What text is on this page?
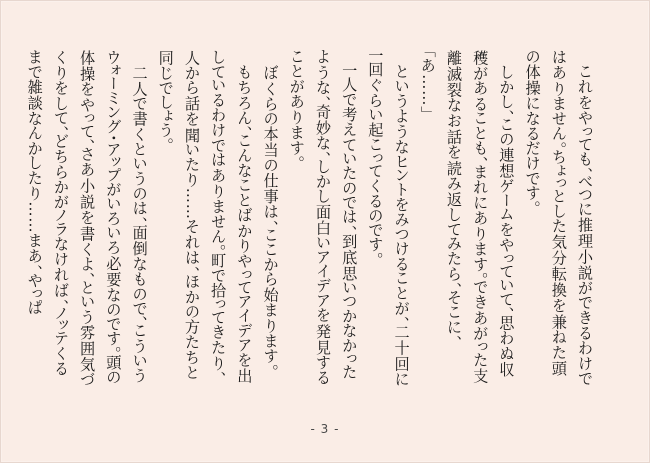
これをやっても、べつに推理小説ができるわけではありません。ちょっとした気分転換を兼ねた頭の体操になるだけです。

しかし、この連想ゲームをやっていて、思わぬ収穫があることも、まれにあります。できあがった支離滅裂なお話を読み返してみたら、そこに、

「あ……」

というようなヒントをみつけることが、二十回に一回ぐらい起こってくるのです。

一人で考えていたのでは、到底思いつかなかったような、奇妙な、しかし面白いアイデアを発見することがあります。

ぼくらの本当の仕事は、ここから始まります。

もちろん、こんなことばかりやってアイデアを出しているわけではありません。町で拾ってきたり、人から話を聞いたり……それは、ほかの方たちと同じでしょう。

二人で書くというのは、面倒なもので、こういうウォーミング・アップがいろいろ必要なのです。頭の体操をやって、さあ小説を書くよ、という雰囲気づくりをして、どちらかがノラなければ、ノッテくるまで雑談なんかしたり……まあ、やっぱ

- 3 -
